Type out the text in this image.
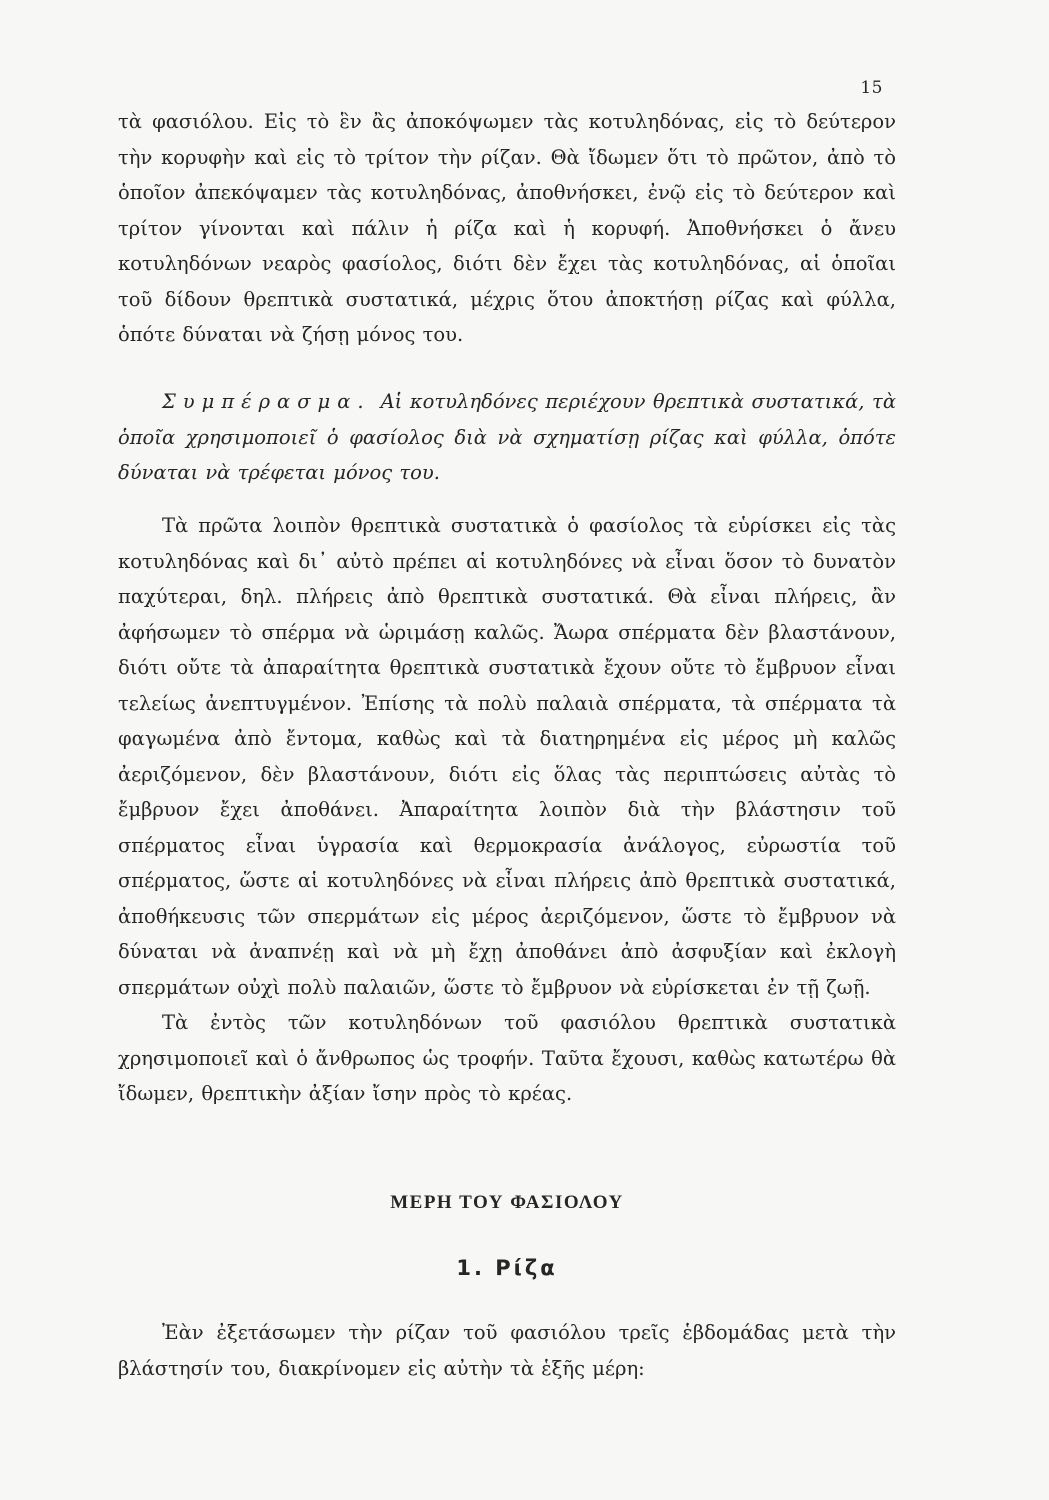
15

τὰ φασιόλου. Εἰς τὸ ἓν ἂς ἀποκόψωμεν τὰς κοτυληδόνας, εἰς τὸ δεύτερον τὴν κορυφὴν καὶ εἰς τὸ τρίτον τὴν ρίζαν. Θὰ ἴδωμεν ὅτι τὸ πρῶτον, ἀπὸ τὸ ὁποῖον ἀπεκόψαμεν τὰς κοτυληδόνας, ἀποθνήσκει, ἐνῷ εἰς τὸ δεύτερον καὶ τρίτον γίνονται καὶ πάλιν ἡ ρίζα καὶ ἡ κορυφή. Ἀποθνήσκει ὁ ἄνευ κοτυληδόνων νεαρὸς φασίολος, διότι δὲν ἔχει τὰς κοτυληδόνας, αἱ ὁποῖαι τοῦ δίδουν θρεπτικὰ συστατικά, μέχρις ὅτου ἀποκτήσῃ ρίζας καὶ φύλλα, ὁπότε δύναται νὰ ζήσῃ μόνος του.

Συμπέρασμα. Αἱ κοτυληδόνες περιέχουν θρεπτικὰ συστατικά, τὰ ὁποῖα χρησιμοποιεῖ ὁ φασίολος διὰ νὰ σχηματίσῃ ρίζας καὶ φύλλα, ὁπότε δύναται νὰ τρέφεται μόνος του.

Τὰ πρῶτα λοιπὸν θρεπτικὰ συστατικὰ ὁ φασίολος τὰ εὑρίσκει εἰς τὰς κοτυληδόνας καὶ δι᾿ αὐτὸ πρέπει αἱ κοτυληδόνες νὰ εἶναι ὅσον τὸ δυνατὸν παχύτεραι, δηλ. πλήρεις ἀπὸ θρεπτικὰ συστατικά. Θὰ εἶναι πλήρεις, ἂν ἀφήσωμεν τὸ σπέρμα νὰ ὡριμάσῃ καλῶς. Ἄωρα σπέρματα δὲν βλαστάνουν, διότι οὔτε τὰ ἀπαραίτητα θρεπτικὰ συστατικὰ ἔχουν οὔτε τὸ ἔμβρυον εἶναι τελείως ἀνεπτυγμένον. Ἐπίσης τὰ πολὺ παλαιὰ σπέρματα, τὰ σπέρματα τὰ φαγωμένα ἀπὸ ἔντομα, καθὼς καὶ τὰ διατηρημένα εἰς μέρος μὴ καλῶς ἀεριζόμενον, δὲν βλαστάνουν, διότι εἰς ὅλας τὰς περιπτώσεις αὐτὰς τὸ ἔμβρυον ἔχει ἀποθάνει. Ἀπαραίτητα λοιπὸν διὰ τὴν βλάστησιν τοῦ σπέρματος εἶναι ὑγρασία καὶ θερμοκρασία ἀνάλογος, εὐρωστία τοῦ σπέρματος, ὥστε αἱ κοτυληδόνες νὰ εἶναι πλήρεις ἀπὸ θρεπτικὰ συστατικά, ἀποθήκευσις τῶν σπερμάτων εἰς μέρος ἀεριζόμενον, ὥστε τὸ ἔμβρυον νὰ δύναται νὰ ἀναπνέῃ καὶ νὰ μὴ ἔχῃ ἀποθάνει ἀπὸ ἀσφυξίαν καὶ ἐκλογὴ σπερμάτων οὐχὶ πολὺ παλαιῶν, ὥστε τὸ ἔμβρυον νὰ εὑρίσκεται ἐν τῇ ζωῇ.

Τὰ ἐντὸς τῶν κοτυληδόνων τοῦ φασιόλου θρεπτικὰ συστατικὰ χρησιμοποιεῖ καὶ ὁ ἄνθρωπος ὡς τροφήν. Ταῦτα ἔχουσι, καθὼς κατωτέρω θὰ ἴδωμεν, θρεπτικὴν ἀξίαν ἴσην πρὸς τὸ κρέας.

ΜΕΡΗ ΤΟΥ ΦΑΣΙΟΛΟΥ
1. Ρίζα

Ἐὰν ἐξετάσωμεν τὴν ρίζαν τοῦ φασιόλου τρεῖς ἑβδομάδας μετὰ τὴν βλάστησίν του, διακρίνομεν εἰς αὐτὴν τὰ ἑξῆς μέρη:
